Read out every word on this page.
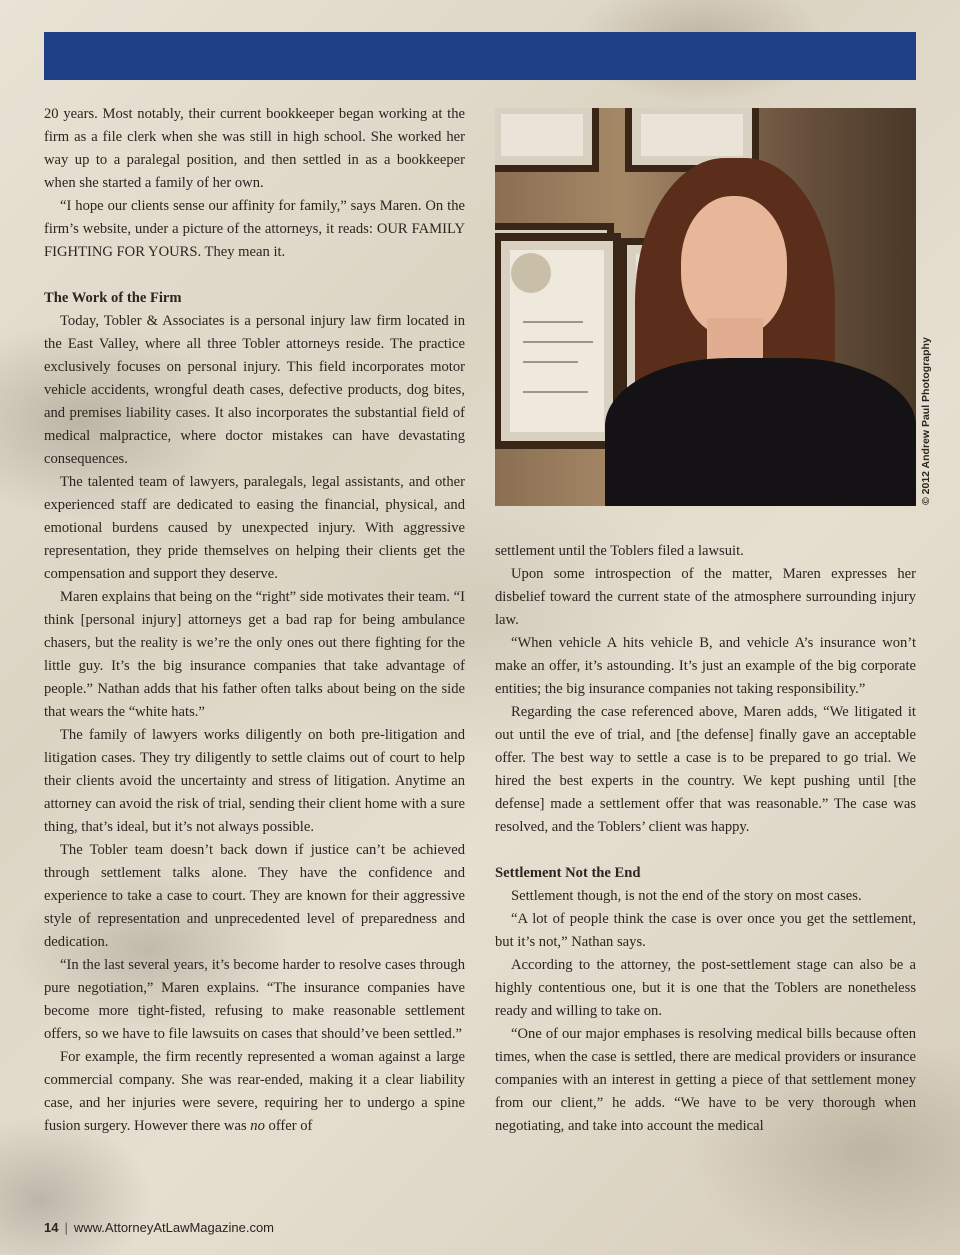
20 years. Most notably, their current bookkeeper began working at the firm as a file clerk when she was still in high school. She worked her way up to a paralegal position, and then settled in as a bookkeeper when she started a family of her own.

“I hope our clients sense our affinity for family,” says Maren. On the firm’s website, under a picture of the attorneys, it reads: OUR FAMILY FIGHTING FOR YOURS. They mean it.

The Work of the Firm

Today, Tobler & Associates is a personal injury law firm located in the East Valley, where all three Tobler attorneys reside. The practice exclusively focuses on personal injury. This field incorporates motor vehicle accidents, wrongful death cases, defective products, dog bites, and premises liability cases. It also incorporates the substantial field of medical malpractice, where doctor mistakes can have devastating consequences.

The talented team of lawyers, paralegals, legal assistants, and other experienced staff are dedicated to easing the financial, physical, and emotional burdens caused by unexpected injury. With aggressive representation, they pride themselves on helping their clients get the compensation and support they deserve.

Maren explains that being on the “right” side motivates their team. “I think [personal injury] attorneys get a bad rap for being ambulance chasers, but the reality is we’re the only ones out there fighting for the little guy. It’s the big insurance companies that take advantage of people.” Nathan adds that his father often talks about being on the side that wears the “white hats.”

The family of lawyers works diligently on both pre-litigation and litigation cases. They try diligently to settle claims out of court to help their clients avoid the uncertainty and stress of litigation. Anytime an attorney can avoid the risk of trial, sending their client home with a sure thing, that’s ideal, but it’s not always possible.

The Tobler team doesn’t back down if justice can’t be achieved through settlement talks alone. They have the confidence and experience to take a case to court. They are known for their aggressive style of representation and unprecedented level of preparedness and dedication.

“In the last several years, it’s become harder to resolve cases through pure negotiation,” Maren explains. “The insurance companies have become more tight-fisted, refusing to make reasonable settlement offers, so we have to file lawsuits on cases that should’ve been settled.”

For example, the firm recently represented a woman against a large commercial company. She was rear-ended, making it a clear liability case, and her injuries were severe, requiring her to undergo a spine fusion surgery. However there was no offer of

© 2012 Andrew Paul Photography

settlement until the Toblers filed a lawsuit.

Upon some introspection of the matter, Maren expresses her disbelief toward the current state of the atmosphere surrounding injury law.

“When vehicle A hits vehicle B, and vehicle A’s insurance won’t make an offer, it’s astounding. It’s just an example of the big corporate entities; the big insurance companies not taking responsibility.”

Regarding the case referenced above, Maren adds, “We litigated it out until the eve of trial, and [the defense] finally gave an acceptable offer. The best way to settle a case is to be prepared to go trial. We hired the best experts in the country. We kept pushing until [the defense] made a settlement offer that was reasonable.” The case was resolved, and the Toblers’ client was happy.

Settlement Not the End

Settlement though, is not the end of the story on most cases.

“A lot of people think the case is over once you get the settlement, but it’s not,” Nathan says.

According to the attorney, the post-settlement stage can also be a highly contentious one, but it is one that the Toblers are nonetheless ready and willing to take on.

“One of our major emphases is resolving medical bills because often times, when the case is settled, there are medical providers or insurance companies with an interest in getting a piece of that settlement money from our client,” he adds. “We have to be very thorough when negotiating, and take into account the medical

14 | www.AttorneyAtLawMagazine.com
